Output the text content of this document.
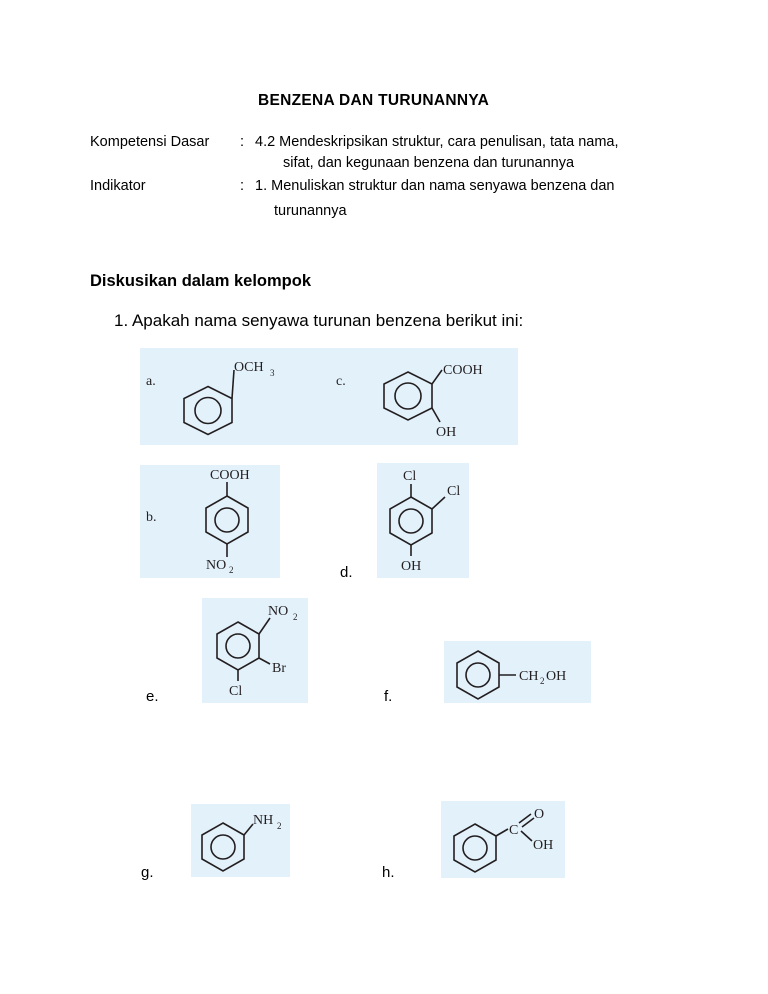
BENZENA DAN TURUNANNYA
Kompetensi Dasar : 4.2 Mendeskripsikan struktur, cara penulisan, tata nama,
sifat, dan kegunaan benzena dan turunannya
Indikator	: 1. Menuliskan struktur dan nama senyawa benzena dan
turunannya
Diskusikan dalam kelompok
1. Apakah nama senyawa turunan benzena berikut ini:
a.
OCH 3
c.
COOH
OH
b.
COOH
NO 2	d.
Cl
Cl
OH
e.
NO 2
Br
Cl	f.
CH 2 OH
g.
NH 2
h.
C
O
OH
